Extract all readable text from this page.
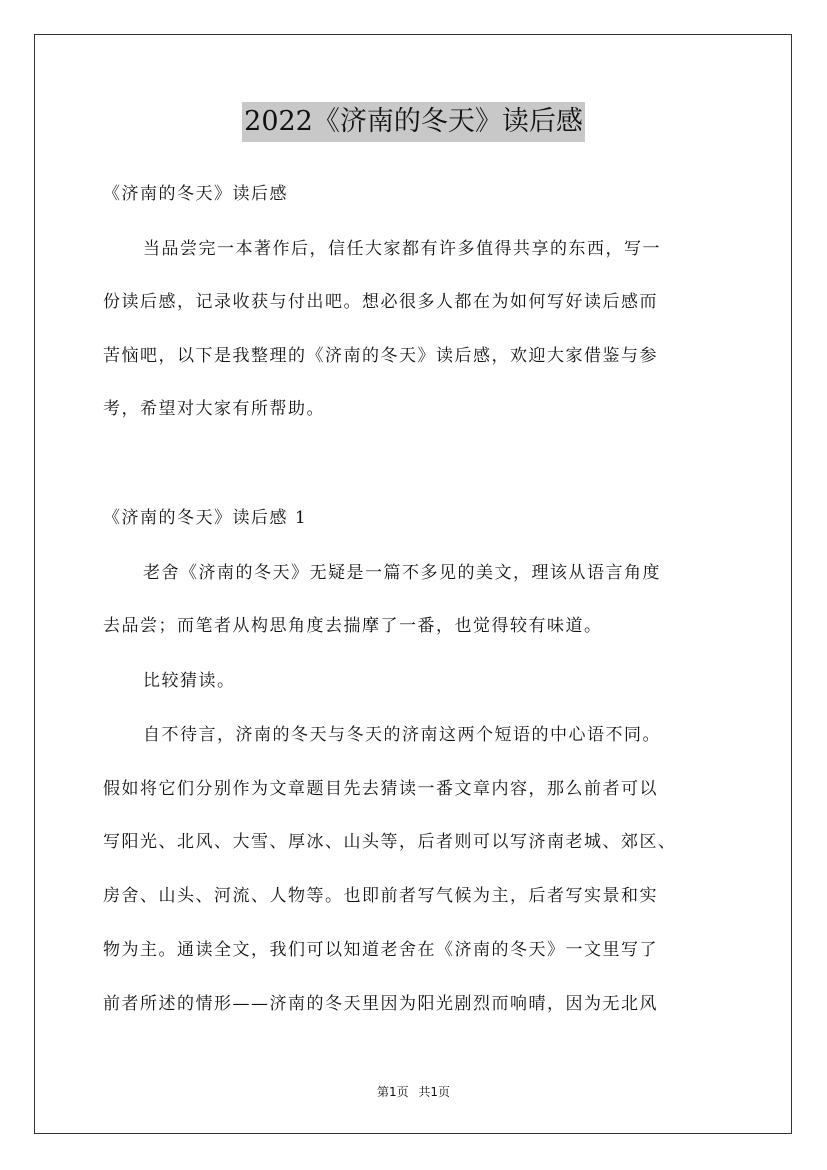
2022《济南的冬天》读后感
《济南的冬天》读后感
当品尝完一本著作后，信任大家都有许多值得共享的东西，写一
份读后感，记录收获与付出吧。想必很多人都在为如何写好读后感而
苦恼吧，以下是我整理的《济南的冬天》读后感，欢迎大家借鉴与参
考，希望对大家有所帮助。
《济南的冬天》读后感 1
老舍《济南的冬天》无疑是一篇不多见的美文，理该从语言角度
去品尝；而笔者从构思角度去揣摩了一番，也觉得较有味道。
比较猜读。
自不待言，济南的冬天与冬天的济南这两个短语的中心语不同。
假如将它们分别作为文章题目先去猜读一番文章内容，那么前者可以
写阳光、北风、大雪、厚冰、山头等，后者则可以写济南老城、郊区、
房舍、山头、河流、人物等。也即前者写气候为主，后者写实景和实
物为主。通读全文，我们可以知道老舍在《济南的冬天》一文里写了
前者所述的情形——济南的冬天里因为阳光剧烈而响晴，因为无北风
第1页 共1页
